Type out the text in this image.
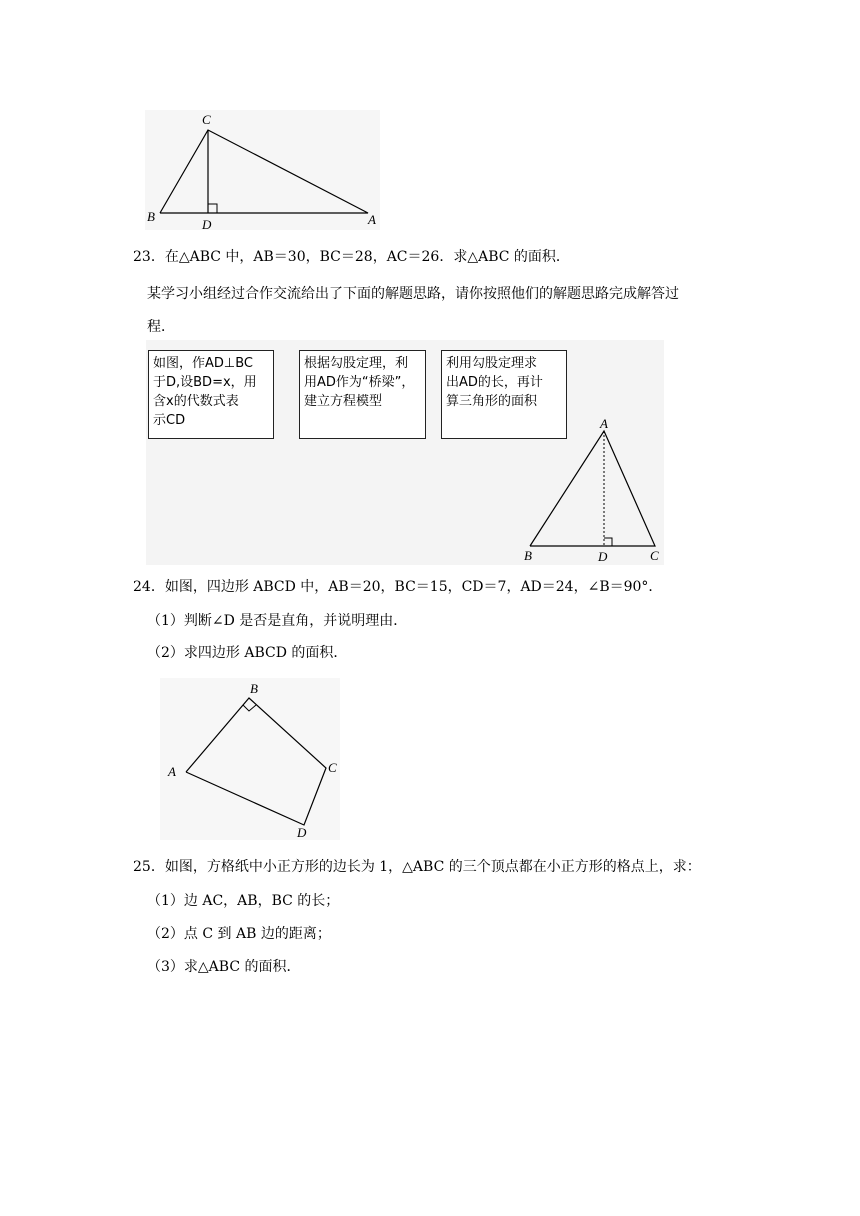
C
B
D	A
23．在△ABC 中，AB＝30，BC＝28，AC＝26．求△ABC 的面积．
某学习小组经过合作交流给出了下面的解题思路，请你按照他们的解题思路完成解答过
程．
如图，作AD⊥BC
于D,设BD=x，用
含x的代数式表
示CD
根据勾股定理，利
用AD作为“桥梁”，
建立方程模型
利用勾股定理求
出AD的长，再计
算三角形的面积
A
B	D	C
24．如图，四边形 ABCD 中，AB＝20，BC＝15，CD＝7，AD＝24，∠B＝90°．
（1）判断∠D 是否是直角，并说明理由．
（2）求四边形 ABCD 的面积．
B
A	C
D
25．如图，方格纸中小正方形的边长为 1，△ABC 的三个顶点都在小正方形的格点上，求：
（1）边 AC，AB，BC 的长；
（2）点 C 到 AB 边的距离；
（3）求△ABC 的面积．
